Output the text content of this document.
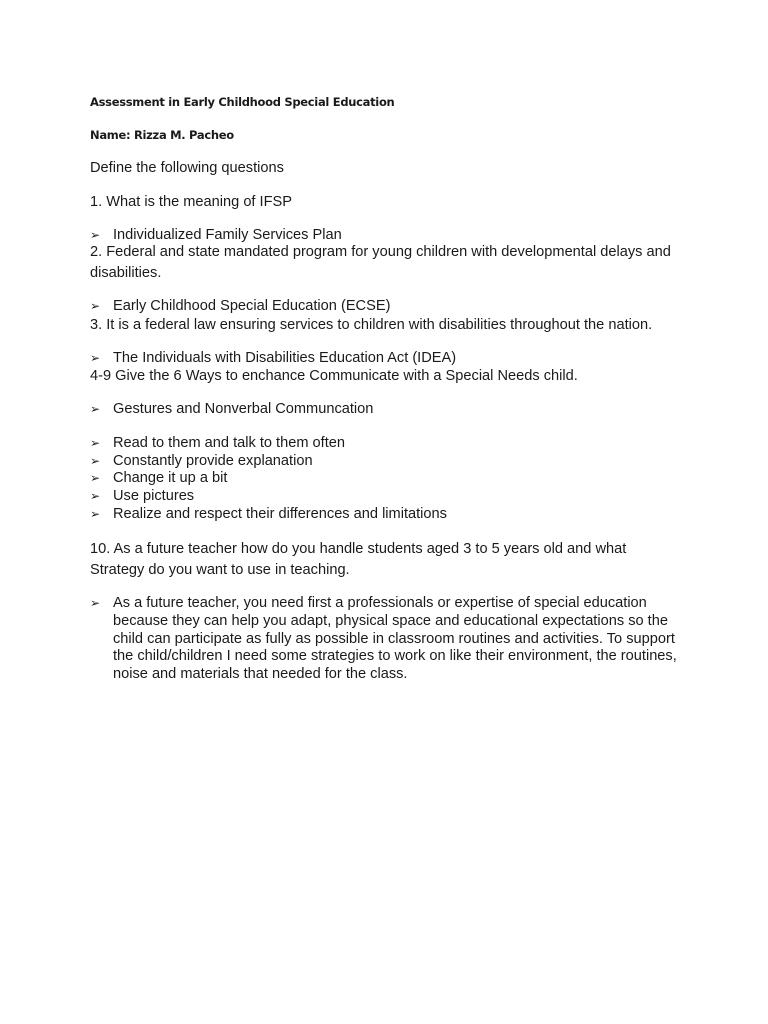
Assessment in Early Childhood Special Education
Name: Rizza M. Pacheo
Define the following questions
1. What is the meaning of IFSP
➢ Individualized Family Services Plan
2. Federal and state mandated program for young children with developmental delays and disabilities.
➢ Early Childhood Special Education (ECSE)
3. It is a federal law ensuring services to children with disabilities throughout the nation.
➢ The Individuals with Disabilities Education Act (IDEA)
4-9 Give the 6 Ways to enchance Communicate with a Special Needs child.
➢ Gestures and Nonverbal Communcation
➢ Read to them and talk to them often
➢ Constantly provide explanation
➢ Change it up a bit
➢ Use pictures
➢ Realize and respect their differences and limitations
10. As a future teacher how do you handle students aged 3 to 5 years old and what Strategy do you want to use in teaching.
➢ As a future teacher, you need first a professionals or expertise of special education because they can help you adapt, physical space and educational expectations so the child can participate as fully as possible in classroom routines and activities. To support the child/children I need some strategies to work on like their environment, the routines, noise and materials that needed for the class.
